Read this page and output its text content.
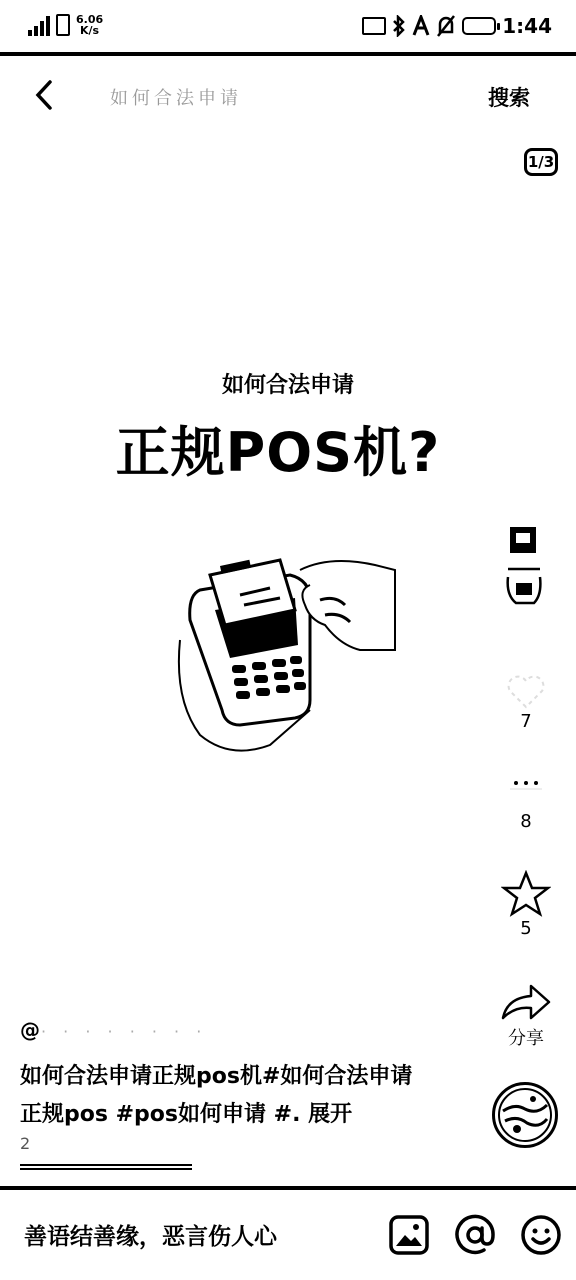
6.06
K/s	1:44
如何合法申请	搜索
1/3
如何合法申请
正规POS机?
7
8
5
分享
@· · · · · · · ·
如何合法申请正规pos机#如何合法申请正规pos #pos如何申请 #. 展开
2
善语结善缘，恶言伤人心
